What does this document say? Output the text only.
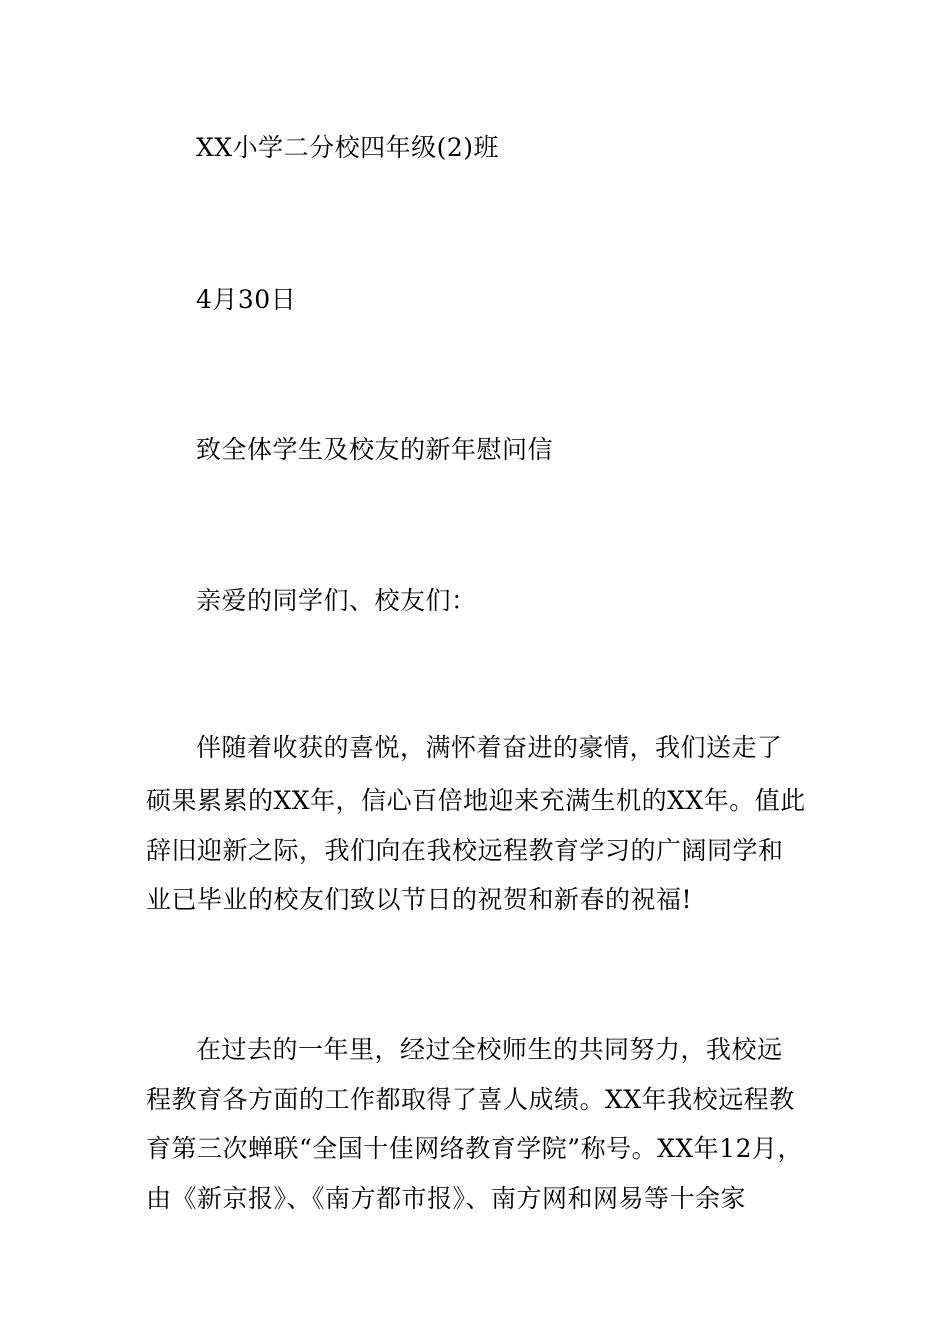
XX小学二分校四年级(2)班
4月30日
致全体学生及校友的新年慰问信
亲爱的同学们、校友们：
伴随着收获的喜悦，满怀着奋进的豪情，我们送走了
硕果累累的XX年，信心百倍地迎来充满生机的XX年。值此
辞旧迎新之际，我们向在我校远程教育学习的广阔同学和
业已毕业的校友们致以节日的祝贺和新春的祝福!
在过去的一年里，经过全校师生的共同努力，我校远
程教育各方面的工作都取得了喜人成绩。XX年我校远程教
育第三次蝉联“全国十佳网络教育学院”称号。XX年12月，
由《新京报》、《南方都市报》、南方网和网易等十余家
